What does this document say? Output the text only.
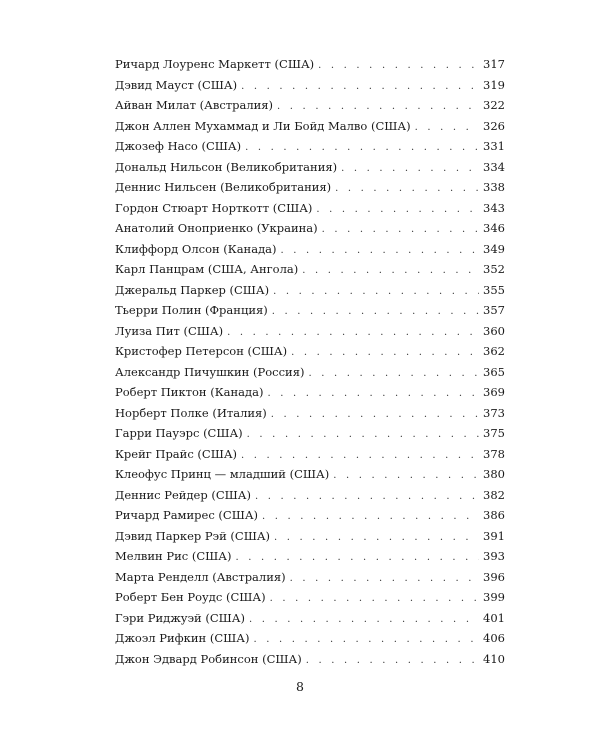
Ричард Лоуренс Маркетт (США) . . .	317
Дэвид Мауст (США) . . .	319
Айван Милат (Австралия) . . .	322
Джон Аллен Мухаммад и Ли Бойд Малво (США) . . .	326
Джозеф Насо (США) . . .	331
Дональд Нильсон (Великобритания) . . .	334
Деннис Нильсен (Великобритания) . . .	338
Гордон Стюарт Норткотт (США) . . .	343
Анатолий Оноприенко (Украина) . . .	346
Клиффорд Олсон (Канада) . . .	349
Карл Панцрам (США, Ангола) . . .	352
Джеральд Паркер (США) . . .	355
Тьерри Полин (Франция) . . .	357
Луиза Пит (США) . . .	360
Кристофер Петерсон (США) . . .	362
Александр Пичушкин (Россия) . . .	365
Роберт Пиктон (Канада) . . .	369
Норберт Полке (Италия) . . .	373
Гарри Пауэрс (США) . . .	375
Крейг Прайс (США) . . .	378
Клеофус Принц — младший (США) . . .	380
Деннис Рейдер (США) . . .	382
Ричард Рамирес (США) . . .	386
Дэвид Паркер Рэй (США) . . .	391
Мелвин Рис (США) . . .	393
Марта Ренделл (Австралия) . . .	396
Роберт Бен Роудс (США) . . .	399
Гэри Риджуэй (США) . . .	401
Джоэл Рифкин (США) . . .	406
Джон Эдвард Робинсон (США) . . .	410
8
